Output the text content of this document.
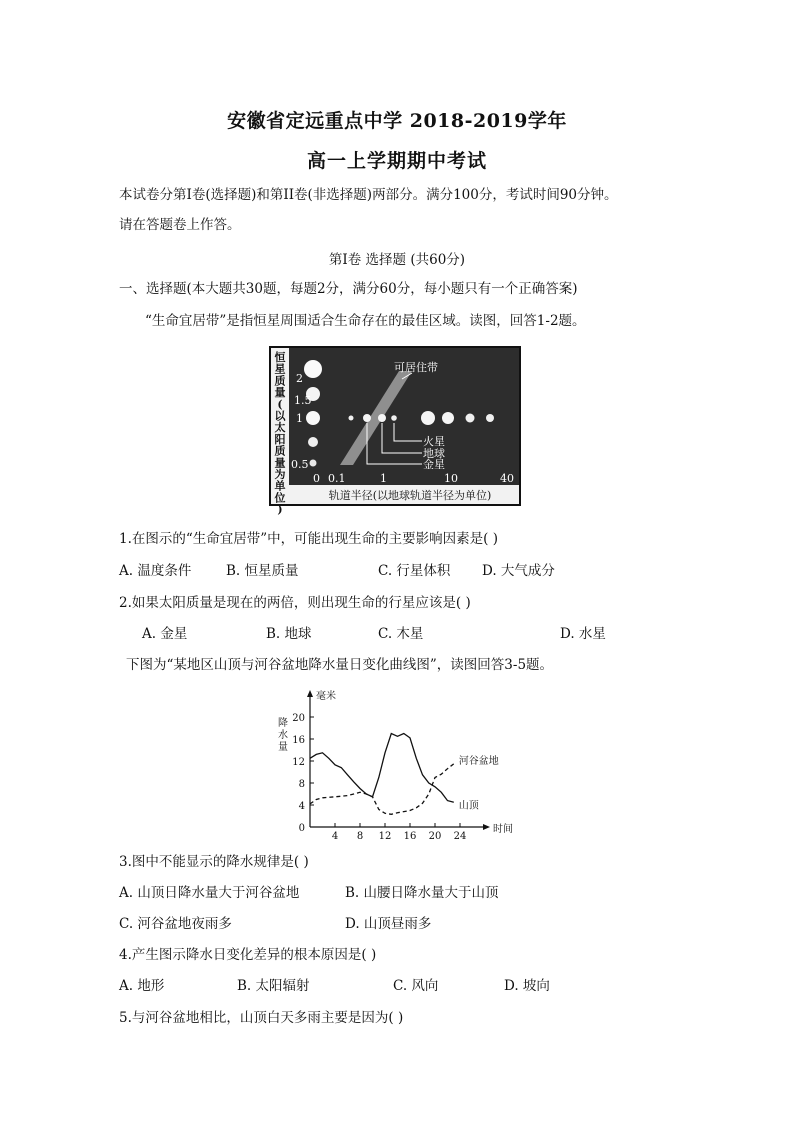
安徽省定远重点中学 2018-2019学年
高一上学期期中考试
本试卷分第Ⅰ卷(选择题)和第II卷(非选择题)两部分。满分100分，考试时间90分钟。
请在答题卷上作答。
第Ⅰ卷 选择题 (共60分)
一、选择题(本大题共30题，每题2分，满分60分，每小题只有一个正确答案)
“生命宜居带”是指恒星周围适合生命存在的最佳区域。读图，回答1-2题。
恒星质量(以太阳质量为单位)
可居住带
火星
地球
金星
2
1.5
1
0.5
0 0.1	1	10	40
轨道半径(以地球轨道半径为单位)
1.在图示的“生命宜居带”中，可能出现生命的主要影响因素是( )
A. 温度条件	B. 恒星质量	C. 行星体积 D. 大气成分
2.如果太阳质量是现在的两倍，则出现生命的行星应该是( )
A. 金星	B. 地球	C. 木星	D. 水星
下图为“某地区山顶与河谷盆地降水量日变化曲线图”，读图回答3-5题。
0
4
8
12
16
20
4 8 12 16 20 24
毫米
降水量
时间
山顶
河谷盆地
3.图中不能显示的降水规律是( )
A. 山顶日降水量大于河谷盆地	B. 山腰日降水量大于山顶
C. 河谷盆地夜雨多	D. 山顶昼雨多
4.产生图示降水日变化差异的根本原因是( )
A. 地形	B. 太阳辐射	C. 风向	D. 坡向
5.与河谷盆地相比，山顶白天多雨主要是因为( )
